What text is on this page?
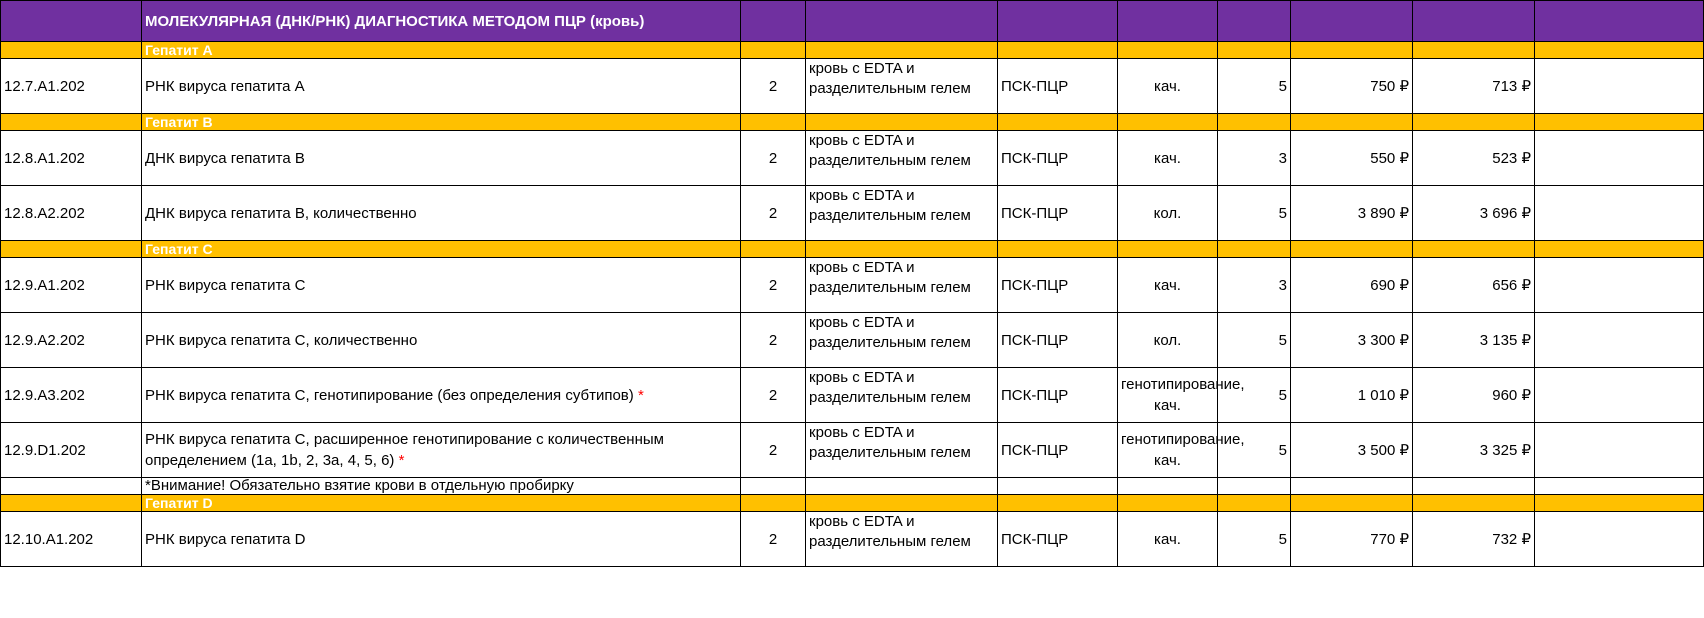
	МОЛЕКУЛЯРНАЯ (ДНК/РНК) ДИАГНОСТИКА МЕТОДОМ ПЦР (кровь)								
	Гепатит А								
12.7.A1.202	РНК вируса гепатита А	2	кровь с EDTA и разделительным гелем	ПСК-ПЦР	кач.	5	750 ₽	713 ₽	
	Гепатит В								
12.8.A1.202	ДНК вируса гепатита В	2	кровь с EDTA и разделительным гелем	ПСК-ПЦР	кач.	3	550 ₽	523 ₽	
12.8.A2.202	ДНК вируса гепатита В, количественно	2	кровь с EDTA и разделительным гелем	ПСК-ПЦР	кол.	5	3 890 ₽	3 696 ₽	
	Гепатит С								
12.9.A1.202	РНК вируса гепатита С	2	кровь с EDTA и разделительным гелем	ПСК-ПЦР	кач.	3	690 ₽	656 ₽	
12.9.A2.202	РНК вируса гепатита С, количественно	2	кровь с EDTA и разделительным гелем	ПСК-ПЦР	кол.	5	3 300 ₽	3 135 ₽	
12.9.A3.202	РНК вируса гепатита С, генотипирование (без определения субтипов) *	2	кровь с EDTA и разделительным гелем	ПСК-ПЦР	генотипирование, кач.	5	1 010 ₽	960 ₽	
12.9.D1.202	РНК вируса гепатита С, расширенное генотипирование с количественным определением (1a, 1b, 2, 3a, 4, 5, 6) *	2	кровь с EDTA и разделительным гелем	ПСК-ПЦР	генотипирование, кач.	5	3 500 ₽	3 325 ₽	
	*Внимание! Обязательно взятие крови в отдельную пробирку								
	Гепатит D								
12.10.A1.202	РНК вируса гепатита D	2	кровь с EDTA и разделительным гелем	ПСК-ПЦР	кач.	5	770 ₽	732 ₽	
